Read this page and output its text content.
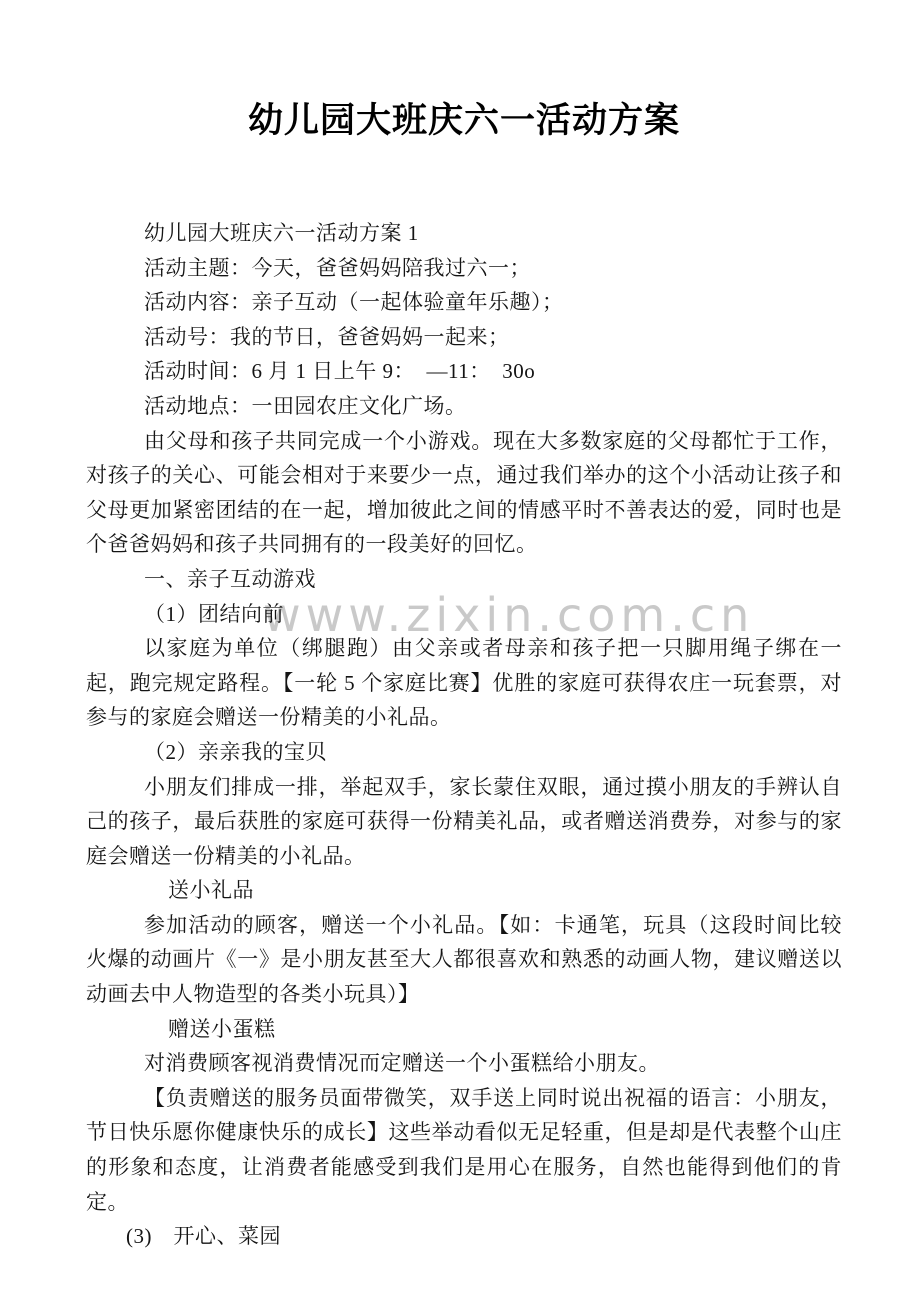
www.zixin.com.cn
幼儿园大班庆六一活动方案

幼儿园大班庆六一活动方案 1

活动主题：今天，爸爸妈妈陪我过六一；

活动内容：亲子互动（一起体验童年乐趣）；

活动号：我的节日，爸爸妈妈一起来；

活动时间：6 月 1 日上午 9：  —11：  30o

活动地点：一田园农庄文化广场。

由父母和孩子共同完成一个小游戏。现在大多数家庭的父母都忙于工作，对孩子的关心、可能会相对于来要少一点，通过我们举办的这个小活动让孩子和父母更加紧密团结的在一起，增加彼此之间的情感平时不善表达的爱，同时也是个爸爸妈妈和孩子共同拥有的一段美好的回忆。

一、亲子互动游戏

（1）团结向前

以家庭为单位（绑腿跑）由父亲或者母亲和孩子把一只脚用绳子绑在一起，跑完规定路程。【一轮 5 个家庭比赛】优胜的家庭可获得农庄一玩套票，对参与的家庭会赠送一份精美的小礼品。

（2）亲亲我的宝贝

小朋友们排成一排，举起双手，家长蒙住双眼，通过摸小朋友的手辨认自己的孩子，最后获胜的家庭可获得一份精美礼品，或者赠送消费券，对参与的家庭会赠送一份精美的小礼品。

送小礼品

参加活动的顾客，赠送一个小礼品。【如：卡通笔，玩具（这段时间比较火爆的动画片《一》是小朋友甚至大人都很喜欢和熟悉的动画人物，建议赠送以动画去中人物造型的各类小玩具）】

赠送小蛋糕

对消费顾客视消费情况而定赠送一个小蛋糕给小朋友。

【负责赠送的服务员面带微笑，双手送上同时说出祝福的语言：小朋友，节日快乐愿你健康快乐的成长】这些举动看似无足轻重，但是却是代表整个山庄的形象和态度，让消费者能感受到我们是用心在服务，自然也能得到他们的肯定。

(3)　开心、菜园
